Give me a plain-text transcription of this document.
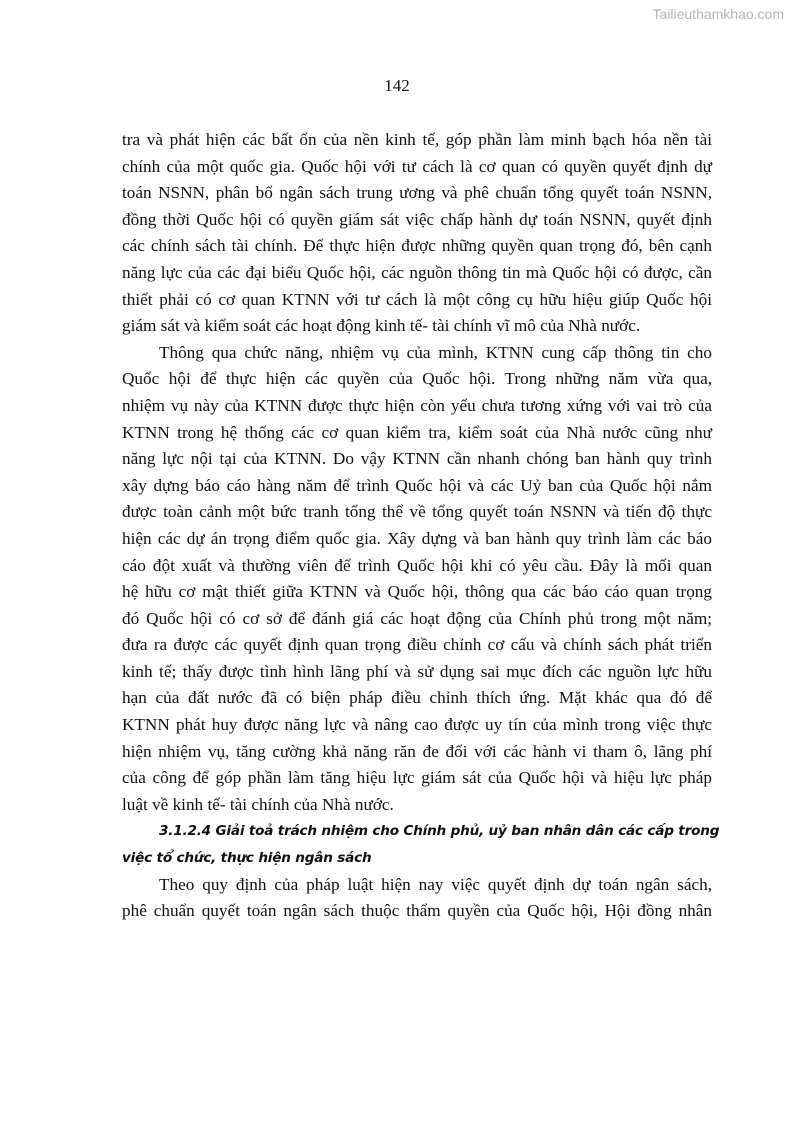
Tailieuthamkhao.com
142
tra và phát hiện các bất ổn của nền kinh tế, góp phần làm minh bạch hóa nền tài
chính của một quốc gia. Quốc hội với tư cách là cơ quan có quyền quyết định dự
toán NSNN, phân bổ ngân sách trung ương và phê chuẩn tổng quyết toán NSNN,
đồng thời Quốc hội có quyền giám sát việc chấp hành dự toán NSNN, quyết định
các chính sách tài chính. Để thực hiện được những quyền quan trọng đó, bên cạnh
năng lực của các đại biểu Quốc hội, các nguồn thông tin mà Quốc hội có được, cần
thiết phải có cơ quan KTNN với tư cách là một công cụ hữu hiệu giúp Quốc hội
giám sát và kiểm soát các hoạt động kinh tế- tài chính vĩ mô của Nhà nước.
Thông qua chức năng, nhiệm vụ của mình, KTNN cung cấp thông tin cho
Quốc hội để thực hiện các quyền của Quốc hội. Trong những năm vừa qua,
nhiệm vụ này của KTNN được thực hiện còn yếu chưa tương xứng với vai trò của
KTNN trong hệ thống các cơ quan kiểm tra, kiểm soát của Nhà nước cũng như
năng lực nội tại của KTNN. Do vậy KTNN cần nhanh chóng ban hành quy trình
xây dựng báo cáo hàng năm để trình Quốc hội và các Uỷ ban của Quốc hội nắm
được toàn cảnh một bức tranh tổng thể về tổng quyết toán NSNN và tiến độ thực
hiện các dự án trọng điểm quốc gia. Xây dựng và ban hành quy trình làm các báo
cáo đột xuất và thường viên để trình Quốc hội khi có yêu cầu. Đây là mối quan
hệ hữu cơ mật thiết giữa KTNN và Quốc hội, thông qua các báo cáo quan trọng
đó Quốc hội có cơ sở để đánh giá các hoạt động của Chính phủ trong một năm;
đưa ra được các quyết định quan trọng điều chỉnh cơ cấu và chính sách phát triển
kinh tế; thấy được tình hình lãng phí và sử dụng sai mục đích các nguồn lực hữu
hạn của đất nước đã có biện pháp điều chỉnh thích ứng. Mặt khác qua đó để
KTNN phát huy được năng lực và nâng cao được uy tín của mình trong việc thực
hiện nhiệm vụ, tăng cường khả năng răn đe đối với các hành vi tham ô, lãng phí
của công để góp phần làm tăng hiệu lực giám sát của Quốc hội và hiệu lực pháp
luật về kinh tế- tài chính của Nhà nước.
3.1.2.4 Giải toả trách nhiệm cho Chính phủ, uỷ ban nhân dân các cấp trong
việc tổ chức, thực hiện ngân sách
Theo quy định của pháp luật hiện nay việc quyết định dự toán ngân sách,
phê chuẩn quyết toán ngân sách thuộc thẩm quyền của Quốc hội, Hội đồng nhân
